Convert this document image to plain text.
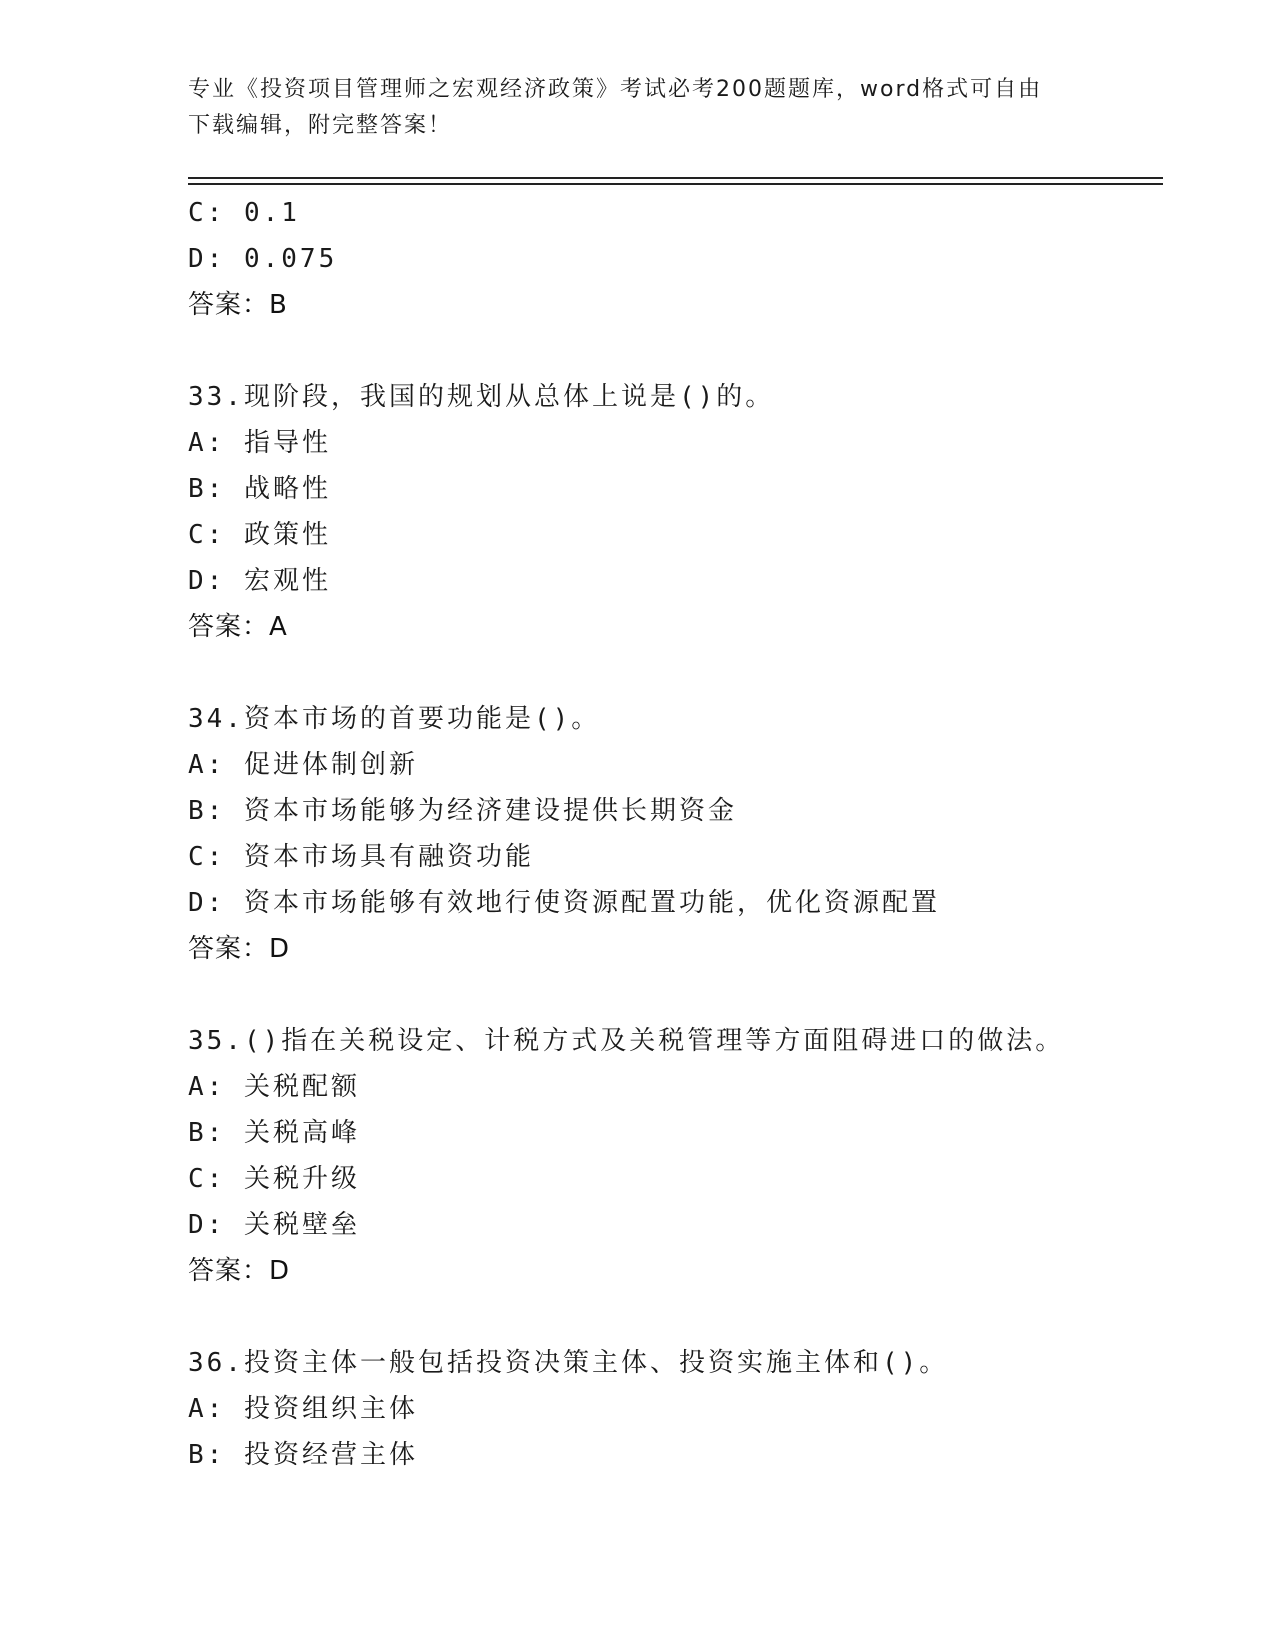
专业《投资项目管理师之宏观经济政策》考试必考200题题库，word格式可自由
下载编辑，附完整答案！
C: 0.1
D: 0.075
答案：B
33.现阶段，我国的规划从总体上说是()的。
A: 指导性
B: 战略性
C: 政策性
D: 宏观性
答案：A
34.资本市场的首要功能是()。
A: 促进体制创新
B: 资本市场能够为经济建设提供长期资金
C: 资本市场具有融资功能
D: 资本市场能够有效地行使资源配置功能，优化资源配置
答案：D
35.()指在关税设定、计税方式及关税管理等方面阻碍进口的做法。
A: 关税配额
B: 关税高峰
C: 关税升级
D: 关税壁垒
答案：D
36.投资主体一般包括投资决策主体、投资实施主体和()。
A: 投资组织主体
B: 投资经营主体
